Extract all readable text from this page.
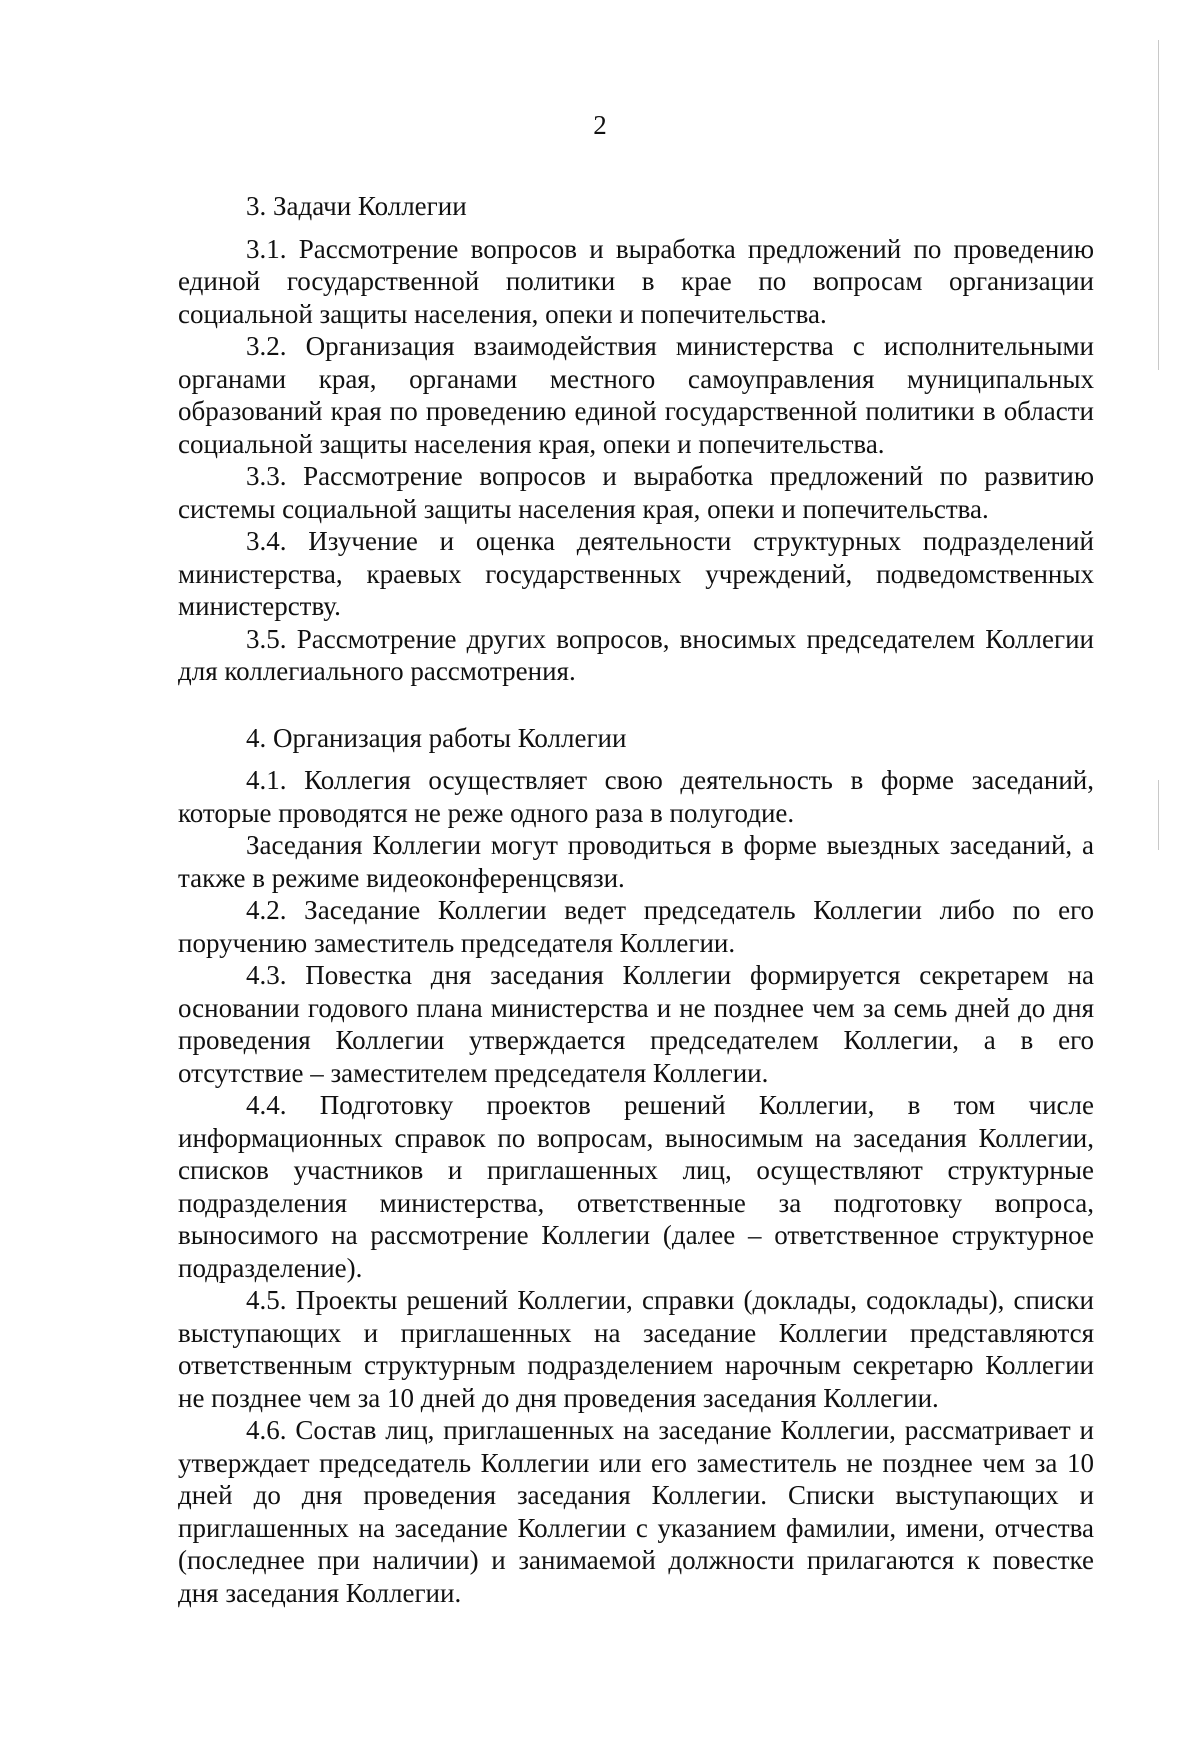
2

3. Задачи Коллегии

3.1. Рассмотрение вопросов и выработка предложений по проведению единой государственной политики в крае по вопросам организации социальной защиты населения, опеки и попечительства.

3.2. Организация взаимодействия министерства с исполнительными органами края, органами местного самоуправления муниципальных образований края по проведению единой государственной политики в области социальной защиты населения края, опеки и попечительства.

3.3. Рассмотрение вопросов и выработка предложений по развитию системы социальной защиты населения края, опеки и попечительства.

3.4. Изучение и оценка деятельности структурных подразделений министерства, краевых государственных учреждений, подведомственных министерству.

3.5. Рассмотрение других вопросов, вносимых председателем Коллегии для коллегиального рассмотрения.

4. Организация работы Коллегии

4.1. Коллегия осуществляет свою деятельность в форме заседаний, которые проводятся не реже одного раза в полугодие.

Заседания Коллегии могут проводиться в форме выездных заседаний, а также в режиме видеоконференцсвязи.

4.2. Заседание Коллегии ведет председатель Коллегии либо по его поручению заместитель председателя Коллегии.

4.3. Повестка дня заседания Коллегии формируется секретарем на основании годового плана министерства и не позднее чем за семь дней до дня проведения Коллегии утверждается председателем Коллегии, а в его отсутствие – заместителем председателя Коллегии.

4.4. Подготовку проектов решений Коллегии, в том числе информационных справок по вопросам, выносимым на заседания Коллегии, списков участников и приглашенных лиц, осуществляют структурные подразделения министерства, ответственные за подготовку вопроса, выносимого на рассмотрение Коллегии (далее – ответственное структурное подразделение).

4.5. Проекты решений Коллегии, справки (доклады, содоклады), списки выступающих и приглашенных на заседание Коллегии представляются ответственным структурным подразделением нарочным секретарю Коллегии не позднее чем за 10 дней до дня проведения заседания Коллегии.

4.6. Состав лиц, приглашенных на заседание Коллегии, рассматривает и утверждает председатель Коллегии или его заместитель не позднее чем за 10 дней до дня проведения заседания Коллегии. Списки выступающих и приглашенных на заседание Коллегии с указанием фамилии, имени, отчества (последнее при наличии) и занимаемой должности прилагаются к повестке дня заседания Коллегии.
